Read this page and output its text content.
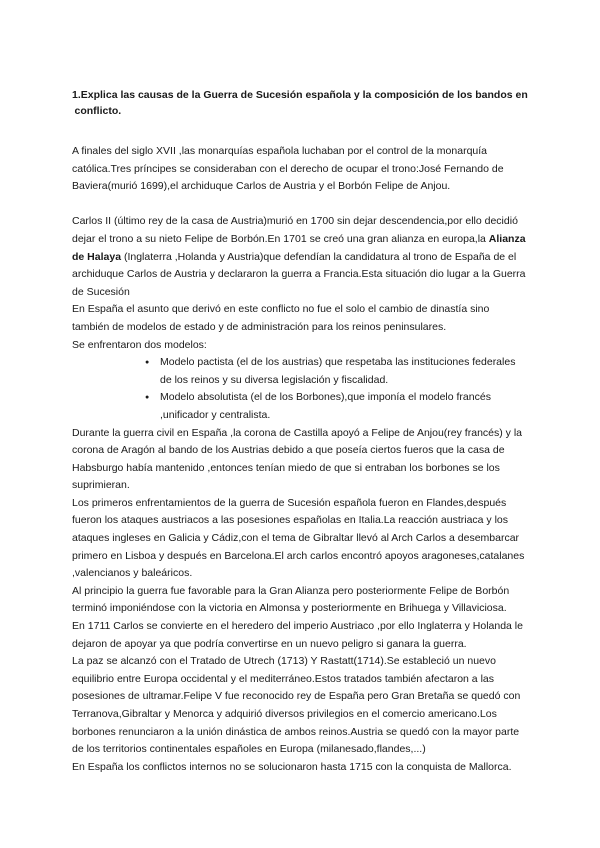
1.Explica las causas de la Guerra de Sucesión española y la composición de los bandos en
conflicto.

A finales del siglo XVII ,las monarquías española luchaban por el control de la monarquía católica.Tres príncipes se consideraban con el derecho de ocupar el trono:José Fernando de Baviera(murió 1699),el archiduque Carlos de Austria y el Borbón Felipe de Anjou.

Carlos II (último rey de la casa de Austria)murió en 1700 sin dejar descendencia,por ello decidió dejar el trono a su nieto Felipe de Borbón.En 1701 se creó una gran alianza en europa,la Alianza de Halaya (Inglaterra ,Holanda y Austria)que defendían la candidatura al trono de España de el archiduque Carlos de Austria y declararon la guerra a Francia.Esta situación dio lugar a la Guerra de Sucesión

En España el asunto que derivó en este conflicto no fue el solo el cambio de dinastía sino también de modelos de estado y de administración para los reinos peninsulares.

Se enfrentaron dos modelos:

● Modelo pactista (el de los austrias) que respetaba las instituciones federales de los reinos y su diversa legislación y fiscalidad.
● Modelo absolutista (el de los Borbones),que imponía el modelo francés ,unificador y centralista.

Durante la guerra civil en España ,la corona de Castilla apoyó a Felipe de Anjou(rey francés) y la corona de Aragón al bando de los Austrias debido a que poseía ciertos fueros que la casa de Habsburgo había mantenido ,entonces tenían miedo de que si entraban los borbones se los suprimieran.

Los primeros enfrentamientos de la guerra de Sucesión española fueron en Flandes,después fueron los ataques austriacos a las posesiones españolas en Italia.La reacción austriaca y los ataques ingleses en Galicia y Cádiz,con el tema de Gibraltar llevó al Arch Carlos a desembarcar primero en Lisboa y después en Barcelona.El arch carlos encontró apoyos aragoneses,catalanes ,valencianos y baleáricos.

Al principio la guerra fue favorable para la Gran Alianza pero posteriormente Felipe de Borbón terminó imponiéndose con la victoria en Almonsa y posteriormente en Brihuega y Villaviciosa.

En 1711 Carlos se convierte en el heredero del imperio Austriaco ,por ello Inglaterra y Holanda le dejaron de apoyar ya que podría convertirse en un nuevo peligro si ganara la guerra.

La paz se alcanzó con el Tratado de Utrech (1713) Y Rastatt(1714).Se estableció un nuevo equilibrio entre Europa occidental y el mediterráneo.Estos tratados también afectaron a las posesiones de ultramar.Felipe V fue reconocido rey de España pero Gran Bretaña se quedó con Terranova,Gibraltar y Menorca y adquirió diversos privilegios en el comercio americano.Los borbones renunciaron a la unión dinástica de ambos reinos.Austria se quedó con la mayor parte de los territorios continentales españoles en Europa (milanesado,flandes,...)

En España los conflictos internos no se solucionaron hasta 1715 con la conquista de Mallorca.
